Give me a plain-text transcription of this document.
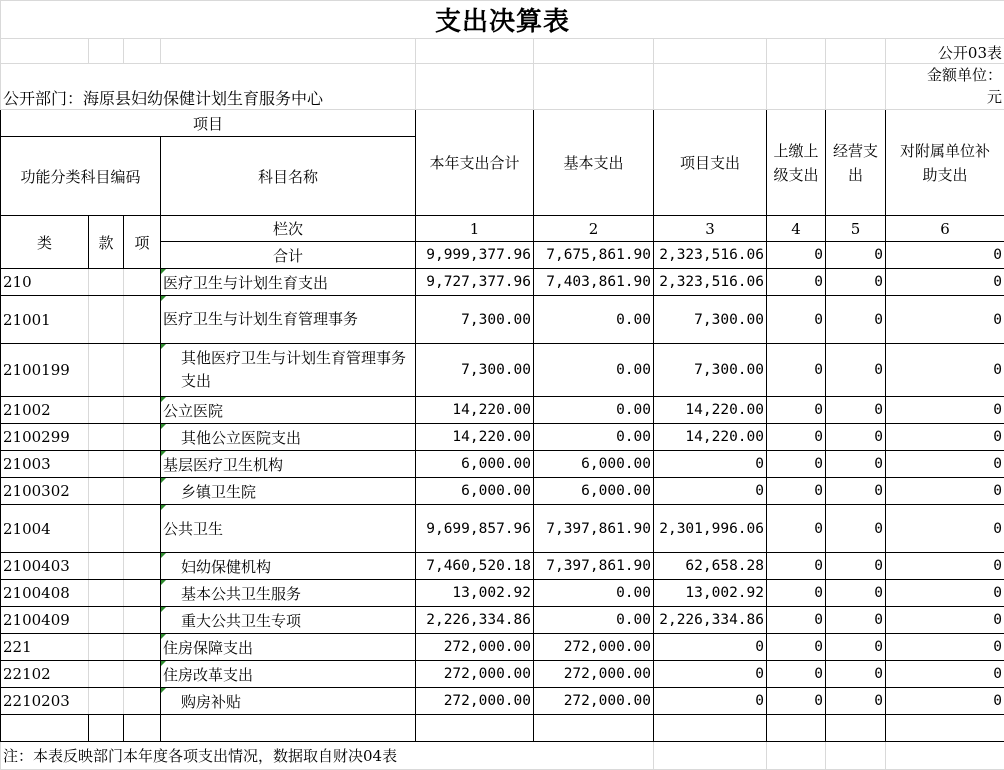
支出决算表									
									公开03表
公开部门：海原县妇幼保健计划生育服务中心									金额单位：
元

项目				本年支出合计	基本支出	项目支出	上缴上级支出	经营支出	对附属单位补助支出
功能分类科目编码			科目名称						
类	款	项	栏次	1	2	3	4	5	6
			合计	9,999,377.96	7,675,861.90	2,323,516.06	0	0	0
210			医疗卫生与计划生育支出	9,727,377.96	7,403,861.90	2,323,516.06	0	0	0
21001			医疗卫生与计划生育管理事务	7,300.00	0.00	7,300.00	0	0	0
2100199			其他医疗卫生与计划生育管理事务支出	7,300.00	0.00	7,300.00	0	0	0
21002			公立医院	14,220.00	0.00	14,220.00	0	0	0
2100299			其他公立医院支出	14,220.00	0.00	14,220.00	0	0	0
21003			基层医疗卫生机构	6,000.00	6,000.00	0	0	0	0
2100302			乡镇卫生院	6,000.00	6,000.00	0	0	0	0
21004			公共卫生	9,699,857.96	7,397,861.90	2,301,996.06	0	0	0
2100403			妇幼保健机构	7,460,520.18	7,397,861.90	62,658.28	0	0	0
2100408			基本公共卫生服务	13,002.92	0.00	13,002.92	0	0	0
2100409			重大公共卫生专项	2,226,334.86	0.00	2,226,334.86	0	0	0
221			住房保障支出	272,000.00	272,000.00	0	0	0	0
22102			住房改革支出	272,000.00	272,000.00	0	0	0	0
2210203			购房补贴	272,000.00	272,000.00	0	0	0	0

注：本表反映部门本年度各项支出情况，数据取自财决04表									
